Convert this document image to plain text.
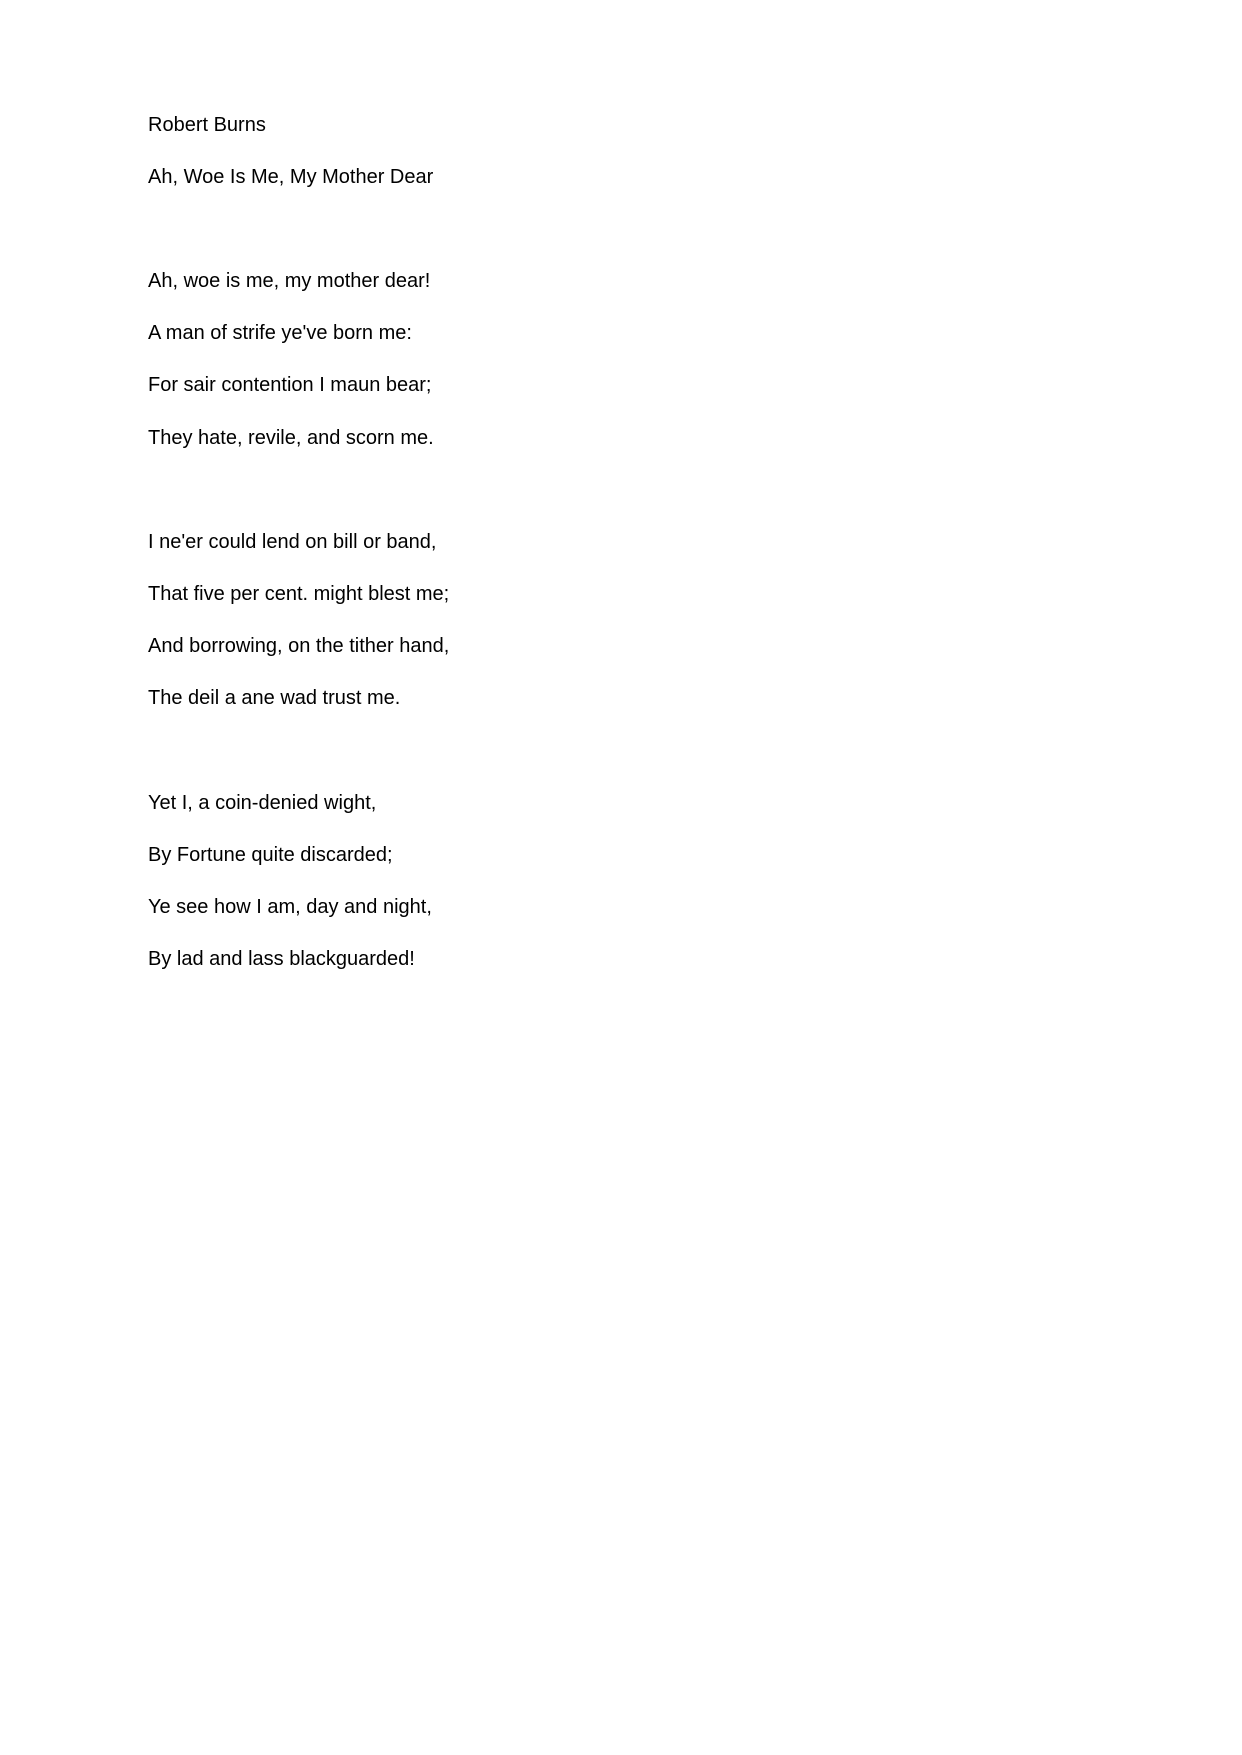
Robert Burns
Ah, Woe Is Me, My Mother Dear
Ah, woe is me, my mother dear!
A man of strife ye've born me:
For sair contention I maun bear;
They hate, revile, and scorn me.
I ne'er could lend on bill or band,
That five per cent. might blest me;
And borrowing, on the tither hand,
The deil a ane wad trust me.
Yet I, a coin-denied wight,
By Fortune quite discarded;
Ye see how I am, day and night,
By lad and lass blackguarded!
